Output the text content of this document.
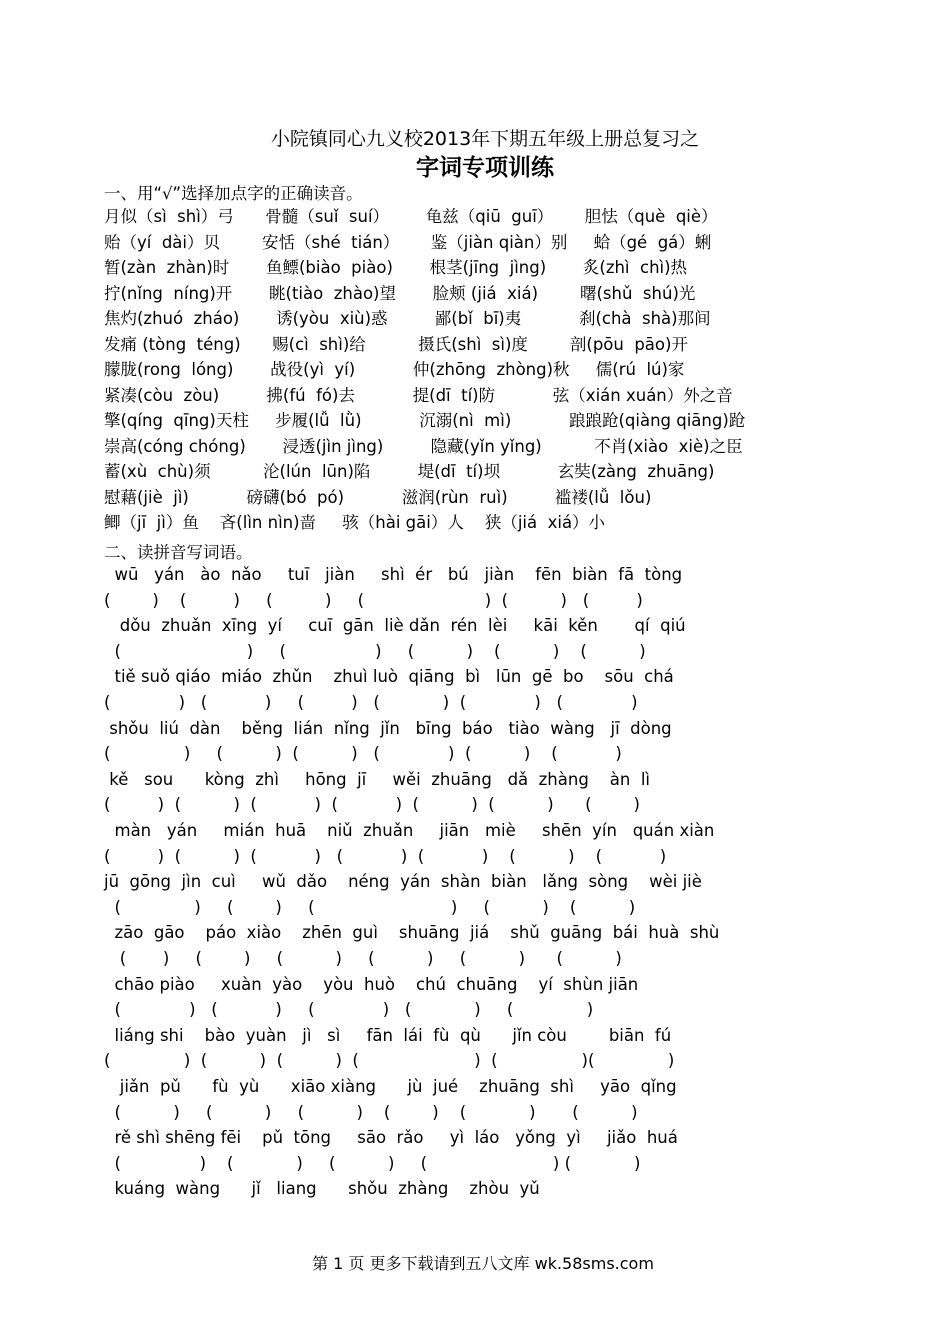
小院镇同心九义校2013年下期五年级上册总复习之
字词专项训练
一、用“√”选择加点字的正确读音。
月似（sì  shì）弓      骨髓（suǐ  suí）       龟兹（qiū  guī）      胆怯（què  qiè）
贻（yí  dài）贝        安恬（shé  tián）      鉴（jiàn qiàn）别     蛤（gé  gá）蜊
暂(zàn  zhàn)时       鱼鳔(biào  piào)       根茎(jīng  jìng)       炙(zhì  chì)热
拧(nǐng  níng)开       眺(tiào  zhào)望       脸颊 (jiá  xiá)        曙(shǔ  shú)光
焦灼(zhuó  zháo)       诱(yòu  xiù)惑         鄙(bǐ  bī)夷           刹(chà  shà)那间
发痛 (tòng  téng)      赐(cì  shì)给          摄氏(shì  sì)度        剖(pōu  pāo)开
朦胧(rong  lóng)       战役(yì  yí)           仲(zhōng  zhòng)秋     儒(rú  lú)家
紧凑(còu  zòu)         拂(fú  fó)去           提(dī  tí)防           弦（xián xuán）外之音
擎(qíng  qīng)天柱     步履(lǚ  lǜ)           沉溺(nì  mì)           踉踉跄(qiàng qiāng)跄
崇高(cóng chóng)       浸透(jìn jìng)         隐藏(yǐn yǐng)          不肖(xiào  xiè)之臣
蓄(xù  chù)须          沦(lún  lūn)陷         堤(dī  tí)坝           玄奘(zàng  zhuāng)
慰藉(jiè  jì)           磅礴(bó  pó)           滋润(rùn  ruì)         褴褛(lǚ  lǒu)
鲫（jī  jì）鱼    吝(lìn nìn)啬     骇（hài gāi）人    狭（jiá  xiá）小
二、读拼音写词语。
wū   yán   ào  nǎo     tuī   jiàn     shì  ér   bú   jiàn    fēn  biàn  fā  tòng
(        )    (         )     (          )     (                       )  (          )   (         )
dǒu  zhuǎn  xīng  yí     cuī  gān  liè dǎn  rén  lèi     kāi  kěn       qí  qiú
(                        )     (                 )     (          )    (          )    (          )
tiě suǒ qiáo  miáo  zhǔn    zhuì luò  qiāng  bì   lūn  gē  bo    sōu  chá
(             )   (           )     (         )   (            )  (             )   (             )
shǒu  liú  dàn    běng  lián  nǐng  jǐn   bīng  báo   tiào  wàng   jī  dòng
(              )     (          )  (          )   (             )  (          )    (           )
kě   sou      kòng  zhì     hōng  jī     wěi  zhuāng   dǎ  zhàng    àn  lì
(         )  (          )  (           )  (           )  (          )  (          )      (        )
màn   yán     mián  huā    niǔ  zhuǎn     jiān   miè     shēn  yín   quán xiàn
(         )  (          )  (           )   (           )  (           )    (          )    (           )
jū  gōng  jìn  cuì     wǔ  dǎo    néng  yán  shàn  biàn   lǎng  sòng    wèi jiè
(              )     (        )     (                          )     (          )    (          )
zāo  gāo    páo  xiào    zhēn  guì    shuāng  jiá    shǔ  guāng  bái  huà  shù
(       )     (        )     (          )     (          )     (          )      (          )
chāo piào     xuàn  yào    yòu  huò    chú  chuāng    yí  shùn jiān
(             )   (           )     (             )   (            )     (              )
liáng shi    bào  yuàn   jì   sì     fān  lái  fù  qù      jǐn còu        biān  fú
(              )  (          )  (          )  (                      )  (                )(              )
jiǎn  pǔ      fù  yù      xiāo xiàng      jù  jué    zhuāng  shì     yāo  qǐng
(          )     (          )     (          )    (        )    (            )       (          )
rě shì shēng fēi    pǔ  tōng     sāo  rǎo     yì  láo   yǒng  yì     jiǎo  huá
(               )    (            )     (          )     (                        ) (            )
kuáng  wàng      jǐ   liang      shǒu  zhàng    zhòu  yǔ
第 1 页 更多下载请到五八文库 wk.58sms.com
